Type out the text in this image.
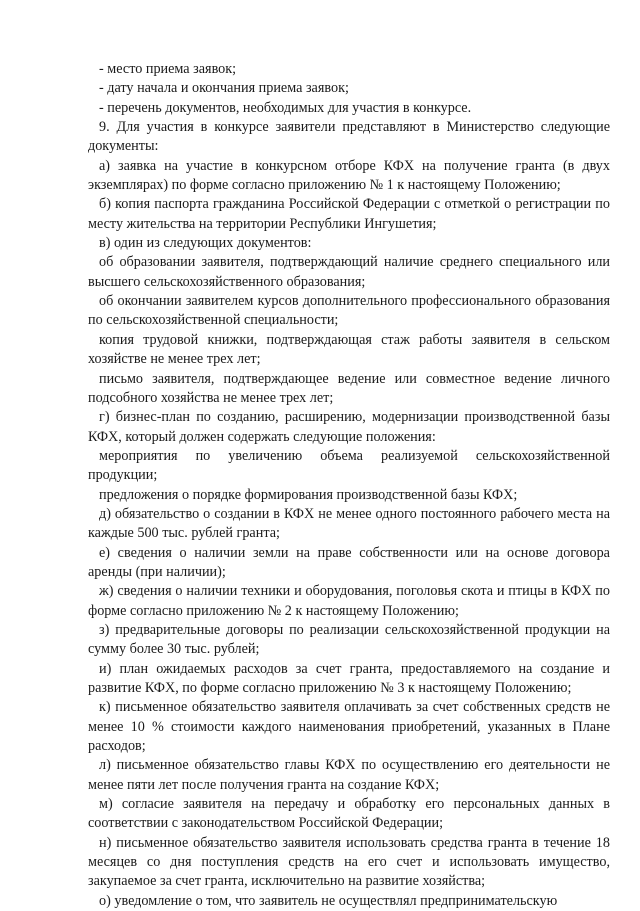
- место приема заявок;

- дату начала и окончания приема заявок;

- перечень документов, необходимых для участия в конкурсе.

9. Для участия в конкурсе заявители представляют в Министерство следующие документы:

а) заявка на участие в конкурсном отборе КФХ на получение гранта (в двух экземплярах) по форме согласно приложению № 1 к настоящему Положению;

б) копия паспорта гражданина Российской Федерации с отметкой о регистрации по месту жительства на территории Республики Ингушетия;

в) один из следующих документов:

об образовании заявителя, подтверждающий наличие среднего специального или высшего сельскохозяйственного образования;

об окончании заявителем курсов дополнительного профессионального образования по сельскохозяйственной специальности;

копия трудовой книжки, подтверждающая стаж работы заявителя в сельском хозяйстве не менее трех лет;

письмо заявителя, подтверждающее ведение или совместное ведение личного подсобного хозяйства не менее трех лет;

г) бизнес-план по созданию, расширению, модернизации производственной базы КФХ, который должен содержать следующие положения:

мероприятия по увеличению объема реализуемой сельскохозяйственной продукции;

предложения о порядке формирования производственной базы КФХ;

д) обязательство о создании в КФХ не менее одного постоянного рабочего места на каждые 500 тыс. рублей гранта;

е) сведения о наличии земли на праве собственности или на основе договора аренды (при наличии);

ж) сведения о наличии техники и оборудования, поголовья скота и птицы в КФХ по форме согласно приложению № 2 к настоящему Положению;

з) предварительные договоры по реализации сельскохозяйственной продукции на сумму более 30 тыс. рублей;

и) план ожидаемых расходов за счет гранта, предоставляемого на создание и развитие КФХ, по форме согласно приложению № 3 к настоящему Положению;

к) письменное обязательство заявителя оплачивать за счет собственных средств не менее 10 % стоимости каждого наименования приобретений, указанных в Плане расходов;

л) письменное обязательство главы КФХ по осуществлению его деятельности не менее пяти лет после получения гранта на создание КФХ;

м) согласие заявителя на передачу и обработку его персональных данных в соответствии с законодательством Российской Федерации;

н) письменное обязательство заявителя использовать средства гранта в течение 18 месяцев со дня поступления средств на его счет и использовать имущество, закупаемое за счет гранта, исключительно на развитие хозяйства;

о) уведомление о том, что заявитель не осуществлял предпринимательскую
